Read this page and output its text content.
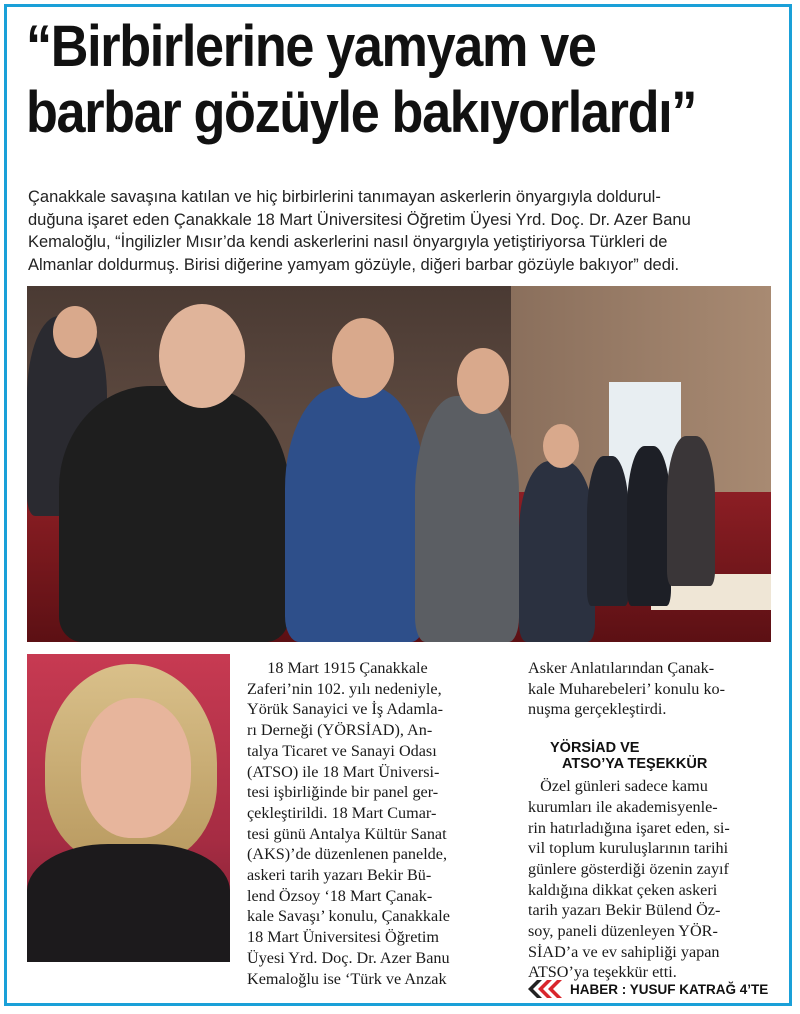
“Birbirlerine yamyam ve
barbar gözüyle bakıyorlardı”
Çanakkale savaşına katılan ve hiç birbirlerini tanımayan askerlerin önyargıyla doldurul-
duğuna işaret eden Çanakkale 18 Mart Üniversitesi Öğretim Üyesi Yrd. Doç. Dr. Azer Banu
Kemaloğlu, “İngilizler Mısır’da kendi askerlerini nasıl önyargıyla yetiştiriyorsa Türkleri de
Almanlar doldurmuş. Birisi diğerine yamyam gözüyle, diğeri barbar gözüyle bakıyor” dedi.

18 Mart 1915 Çanakkale

Zaferi’nin 102. yılı nedeniyle,

Yörük Sanayici ve İş Adamla-

rı Derneği (YÖRSİAD), An-

talya Ticaret ve Sanayi Odası

(ATSO) ile 18 Mart Üniversi-

tesi işbirliğinde bir panel ger-

çekleştirildi. 18 Mart Cumar-

tesi günü Antalya Kültür Sanat

(AKS)’de düzenlenen panelde,

askeri tarih yazarı Bekir Bü-

lend Özsoy ‘18 Mart Çanak-

kale Savaşı’ konulu, Çanakkale

18 Mart Üniversitesi Öğretim

Üyesi Yrd. Doç. Dr. Azer Banu

Kemaloğlu ise ‘Türk ve Anzak

Asker Anlatılarından Çanak-

kale Muharebeleri’ konulu ko-

nuşma gerçekleştirdi.

YÖRSİAD VE
ATSO’YA TEŞEKKÜR

Özel günleri sadece kamu

kurumları ile akademisyenle-

rin hatırladığına işaret eden, si-

vil toplum kuruluşlarının tarihi

günlere gösterdiği özenin zayıf

kaldığına dikkat çeken askeri

tarih yazarı Bekir Bülend Öz-

soy, paneli düzenleyen YÖR-

SİAD’a ve ev sahipliği yapan

ATSO’ya teşekkür etti.

HABER : YUSUF KATRAĞ 4’TE
